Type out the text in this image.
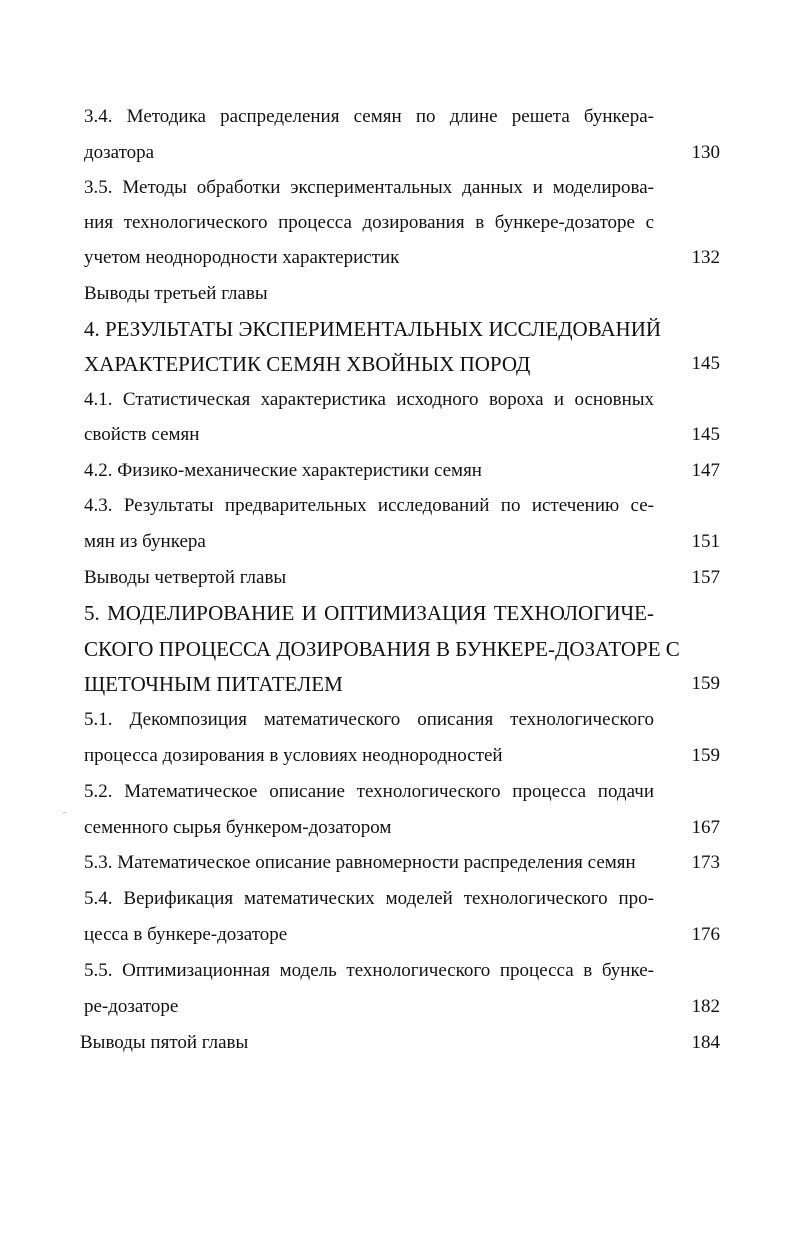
3.4. Методика распределения семян по длине решета бункера-
дозатора	130
3.5. Методы обработки экспериментальных данных и моделирова-
ния технологического процесса дозирования в бункере-дозаторе с
учетом неоднородности характеристик	132
Выводы третьей главы
4. РЕЗУЛЬТАТЫ ЭКСПЕРИМЕНТАЛЬНЫХ ИССЛЕДОВАНИЙ
ХАРАКТЕРИСТИК СЕМЯН ХВОЙНЫХ ПОРОД	145
4.1. Статистическая характеристика исходного вороха и основных
свойств семян	145
4.2. Физико-механические характеристики семян	147
4.3. Результаты предварительных исследований по истечению се-
мян из бункера	151
Выводы четвертой главы	157
5. МОДЕЛИРОВАНИЕ И ОПТИМИЗАЦИЯ ТЕХНОЛОГИЧЕ-
СКОГО ПРОЦЕССА ДОЗИРОВАНИЯ В БУНКЕРЕ-ДОЗАТОРЕ С
ЩЕТОЧНЫМ ПИТАТЕЛЕМ	159
5.1. Декомпозиция математического описания технологического
процесса дозирования в условиях неоднородностей	159
5.2. Математическое описание технологического процесса подачи
семенного сырья бункером-дозатором	167
5.3. Математическое описание равномерности распределения семян	173
5.4. Верификация математических моделей технологического про-
цесса в бункере-дозаторе	176
5.5. Оптимизационная модель технологического процесса в бунке-
ре-дозаторе	182
Выводы пятой главы	184
